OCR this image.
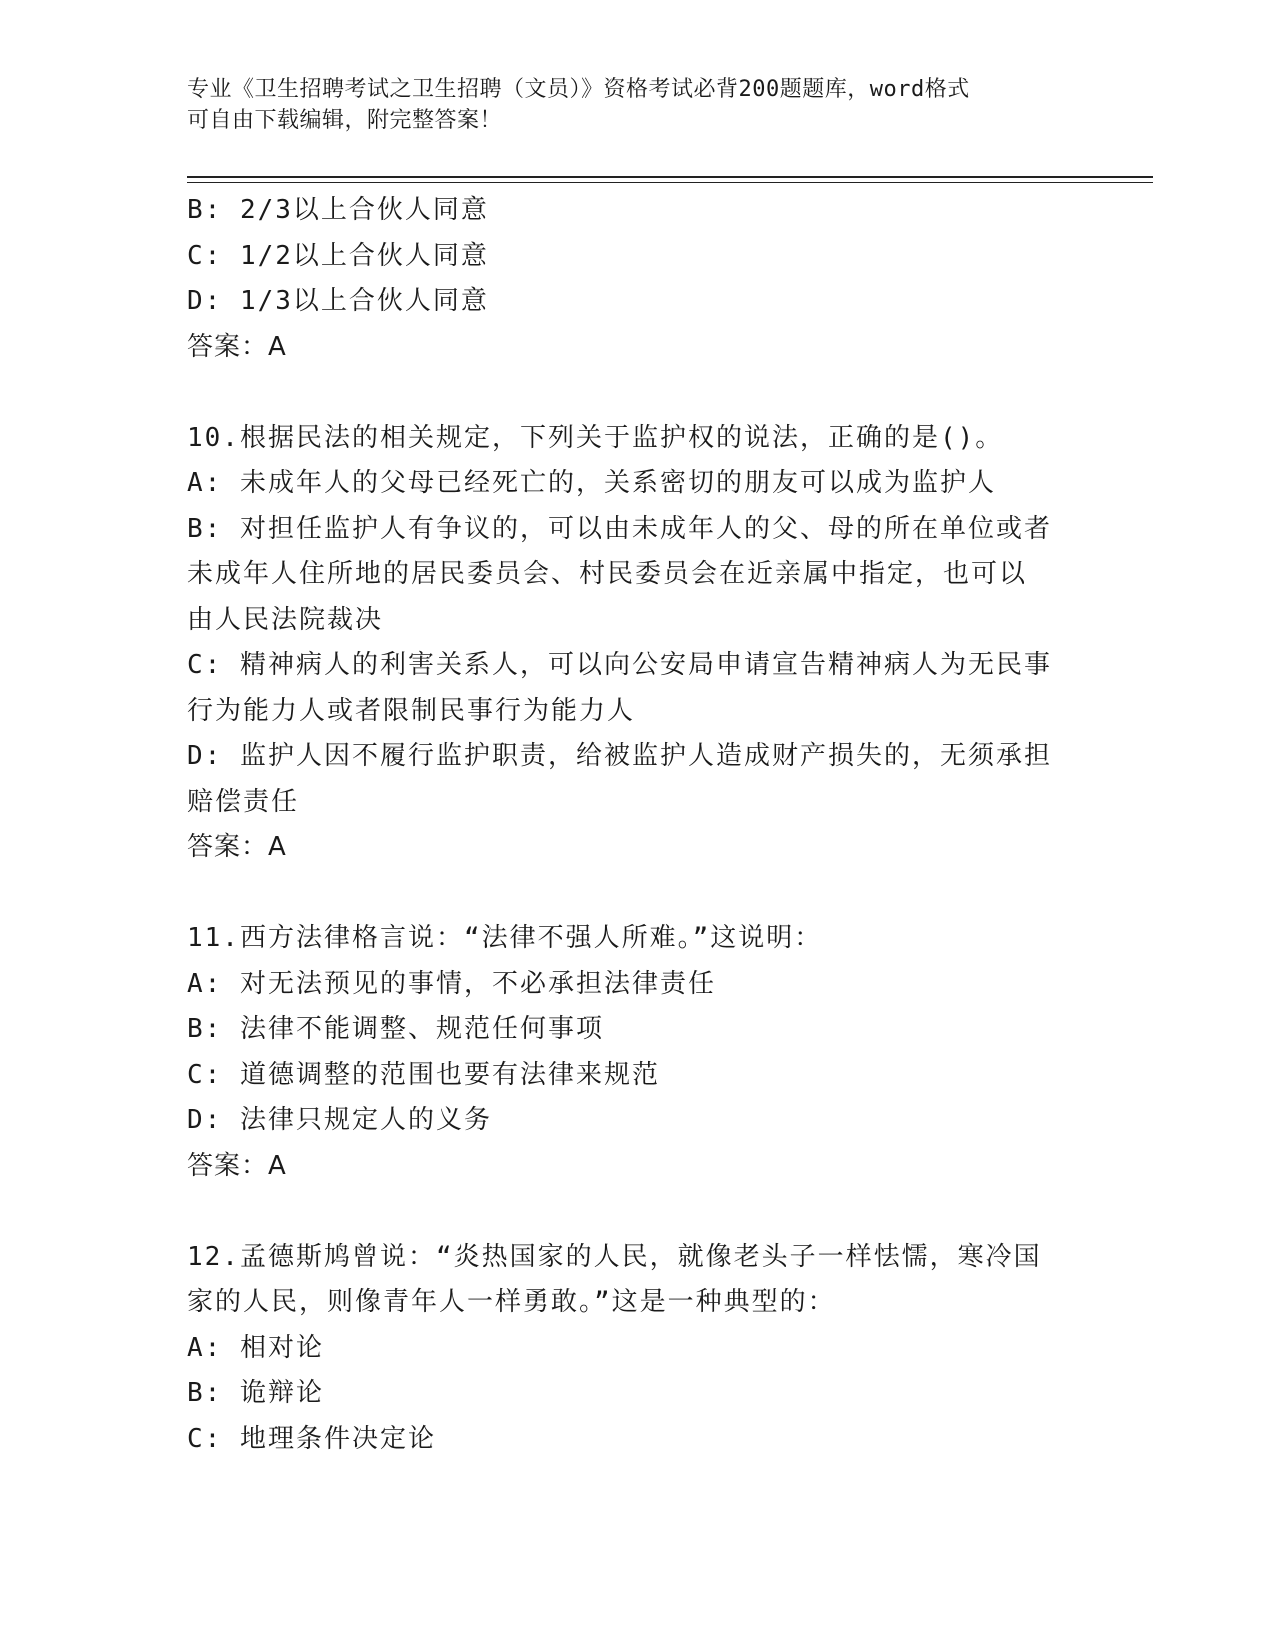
专业《卫生招聘考试之卫生招聘（文员）》资格考试必背200题题库，word格式
可自由下载编辑，附完整答案！

B: 2/3以上合伙人同意

C: 1/2以上合伙人同意

D: 1/3以上合伙人同意

答案：A

10.根据民法的相关规定，下列关于监护权的说法，正确的是()。

A: 未成年人的父母已经死亡的，关系密切的朋友可以成为监护人

B: 对担任监护人有争议的，可以由未成年人的父、母的所在单位或者

未成年人住所地的居民委员会、村民委员会在近亲属中指定，也可以

由人民法院裁决

C: 精神病人的利害关系人，可以向公安局申请宣告精神病人为无民事

行为能力人或者限制民事行为能力人

D: 监护人因不履行监护职责，给被监护人造成财产损失的，无须承担

赔偿责任

答案：A

11.西方法律格言说：“法律不强人所难。”这说明：

A: 对无法预见的事情，不必承担法律责任

B: 法律不能调整、规范任何事项

C: 道德调整的范围也要有法律来规范

D: 法律只规定人的义务

答案：A

12.孟德斯鸠曾说：“炎热国家的人民，就像老头子一样怯懦，寒冷国

家的人民，则像青年人一样勇敢。”这是一种典型的：

A: 相对论

B: 诡辩论

C: 地理条件决定论
